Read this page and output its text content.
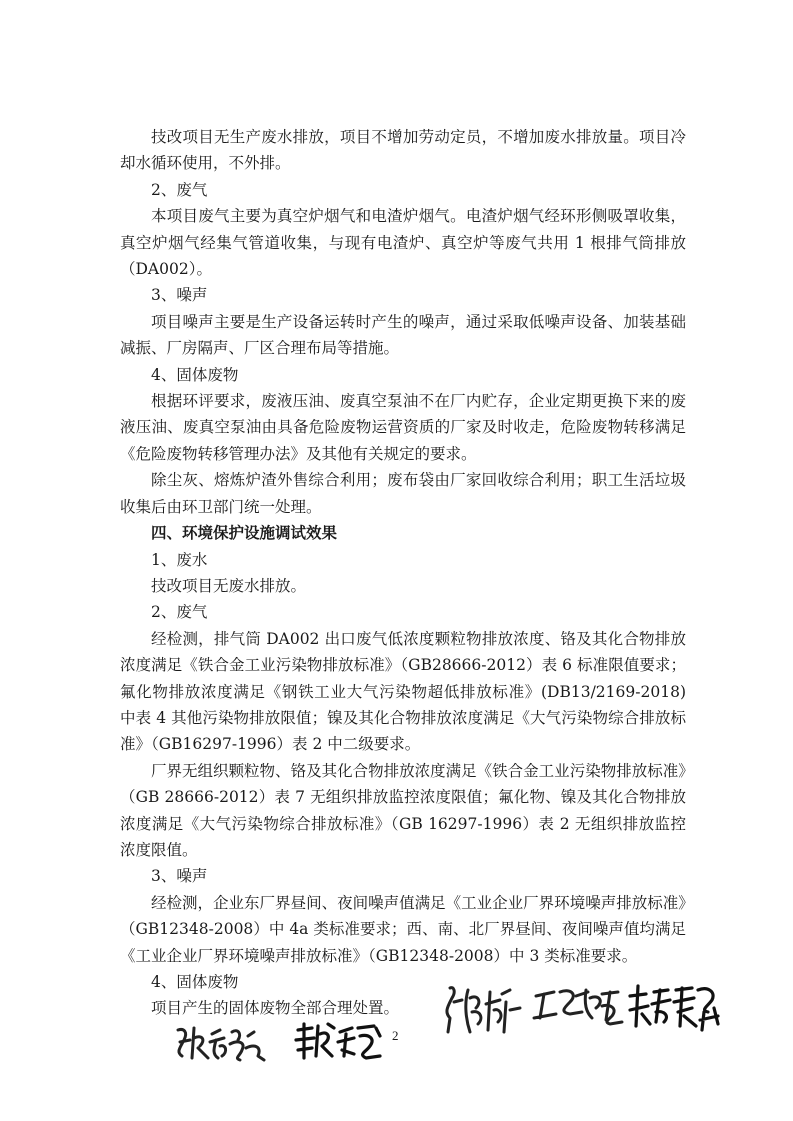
技改项目无生产废水排放，项目不增加劳动定员，不增加废水排放量。项目冷却水循环使用，不外排。

2、废气

本项目废气主要为真空炉烟气和电渣炉烟气。电渣炉烟气经环形侧吸罩收集，真空炉烟气经集气管道收集，与现有电渣炉、真空炉等废气共用 1 根排气筒排放（DA002）。

3、噪声

项目噪声主要是生产设备运转时产生的噪声，通过采取低噪声设备、加装基础减振、厂房隔声、厂区合理布局等措施。

4、固体废物

根据环评要求，废液压油、废真空泵油不在厂内贮存，企业定期更换下来的废液压油、废真空泵油由具备危险废物运营资质的厂家及时收走，危险废物转移满足《危险废物转移管理办法》及其他有关规定的要求。

除尘灰、熔炼炉渣外售综合利用；废布袋由厂家回收综合利用；职工生活垃圾收集后由环卫部门统一处理。

四、环境保护设施调试效果

1、废水

技改项目无废水排放。

2、废气

经检测，排气筒 DA002 出口废气低浓度颗粒物排放浓度、铬及其化合物排放浓度满足《铁合金工业污染物排放标准》（GB28666-2012）表 6 标准限值要求；氟化物排放浓度满足《钢铁工业大气污染物超低排放标准》(DB13/2169-2018) 中表 4 其他污染物排放限值；镍及其化合物排放浓度满足《大气污染物综合排放标准》（GB16297-1996）表 2 中二级要求。

厂界无组织颗粒物、铬及其化合物排放浓度满足《铁合金工业污染物排放标准》（GB 28666-2012）表 7 无组织排放监控浓度限值；氟化物、镍及其化合物排放浓度满足《大气污染物综合排放标准》（GB 16297-1996）表 2 无组织排放监控浓度限值。

3、噪声

经检测，企业东厂界昼间、夜间噪声值满足《工业企业厂界环境噪声排放标准》（GB12348-2008）中 4a 类标准要求；西、南、北厂界昼间、夜间噪声值均满足《工业企业厂界环境噪声排放标准》（GB12348-2008）中 3 类标准要求。

4、固体废物

项目产生的固体废物全部合理处置。

2
